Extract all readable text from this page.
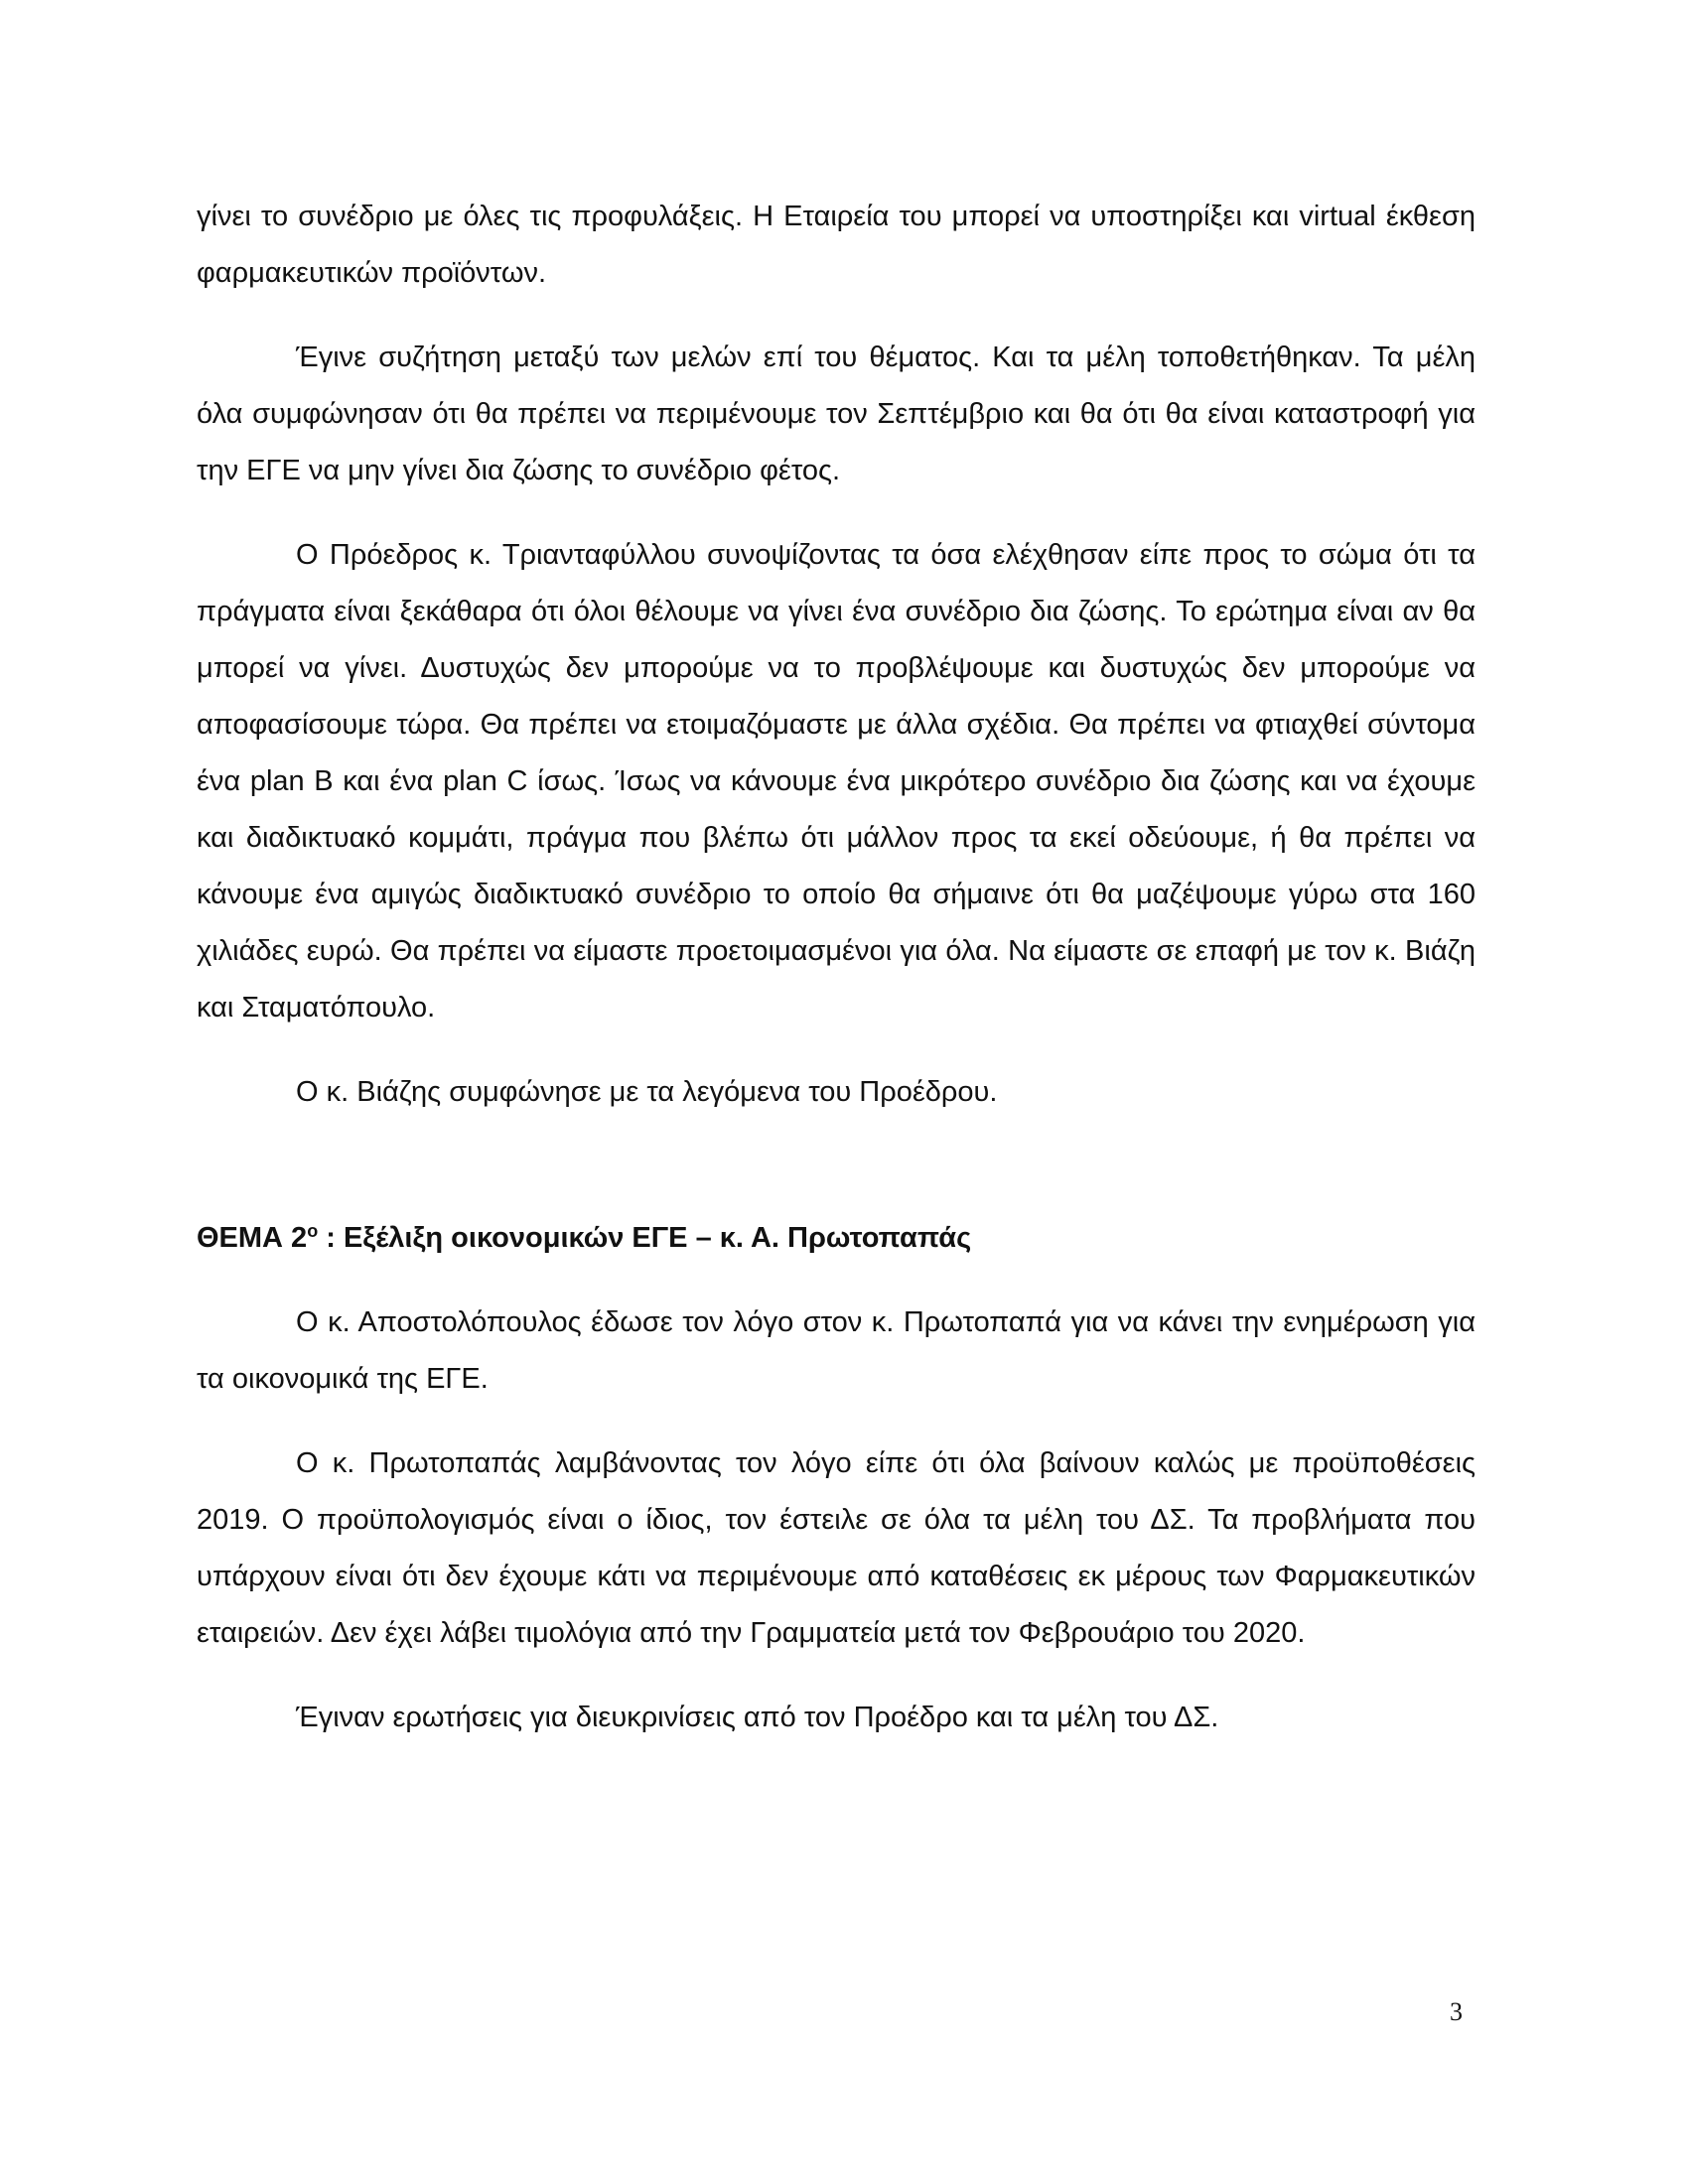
γίνει το συνέδριο με όλες τις προφυλάξεις. Η Εταιρεία του μπορεί να υποστηρίξει και virtual έκθεση φαρμακευτικών προϊόντων.

Έγινε συζήτηση μεταξύ των μελών επί του θέματος. Και τα μέλη τοποθετήθηκαν. Τα μέλη όλα συμφώνησαν ότι θα πρέπει να περιμένουμε τον Σεπτέμβριο και θα ότι θα είναι καταστροφή για την ΕΓΕ να μην γίνει δια ζώσης το συνέδριο φέτος.

Ο Πρόεδρος κ. Τριανταφύλλου συνοψίζοντας τα όσα ελέχθησαν είπε προς το σώμα ότι τα πράγματα είναι ξεκάθαρα ότι όλοι θέλουμε να γίνει ένα συνέδριο δια ζώσης. Το ερώτημα είναι αν θα μπορεί να γίνει. Δυστυχώς δεν μπορούμε να το προβλέψουμε και δυστυχώς δεν μπορούμε να αποφασίσουμε τώρα. Θα πρέπει να ετοιμαζόμαστε με άλλα σχέδια. Θα πρέπει να φτιαχθεί σύντομα ένα plan B και ένα plan C ίσως. Ίσως να κάνουμε ένα μικρότερο συνέδριο δια ζώσης και να έχουμε και διαδικτυακό κομμάτι, πράγμα που βλέπω ότι μάλλον προς τα εκεί οδεύουμε, ή θα πρέπει να κάνουμε ένα αμιγώς διαδικτυακό συνέδριο το οποίο θα σήμαινε ότι θα μαζέψουμε γύρω στα 160 χιλιάδες ευρώ. Θα πρέπει να είμαστε προετοιμασμένοι για όλα. Να είμαστε σε επαφή με τον κ. Βιάζη και Σταματόπουλο.

Ο κ. Βιάζης συμφώνησε με τα λεγόμενα του Προέδρου.

ΘΕΜΑ $2^o$ : Εξέλιξη οικονομικών ΕΓΕ – κ. Α. Πρωτοπαπάς

Ο κ. Αποστολόπουλος έδωσε τον λόγο στον κ. Πρωτοπαπά για να κάνει την ενημέρωση για τα οικονομικά της ΕΓΕ.

Ο κ. Πρωτοπαπάς λαμβάνοντας τον λόγο είπε ότι όλα βαίνουν καλώς με προϋποθέσεις 2019. Ο προϋπολογισμός είναι ο ίδιος, τον έστειλε σε όλα τα μέλη του ΔΣ. Τα προβλήματα που υπάρχουν είναι ότι δεν έχουμε κάτι να περιμένουμε από καταθέσεις εκ μέρους των Φαρμακευτικών εταιρειών. Δεν έχει λάβει τιμολόγια από την Γραμματεία μετά τον Φεβρουάριο του 2020.

Έγιναν ερωτήσεις για διευκρινίσεις από τον Προέδρο και τα μέλη του ΔΣ.

3
